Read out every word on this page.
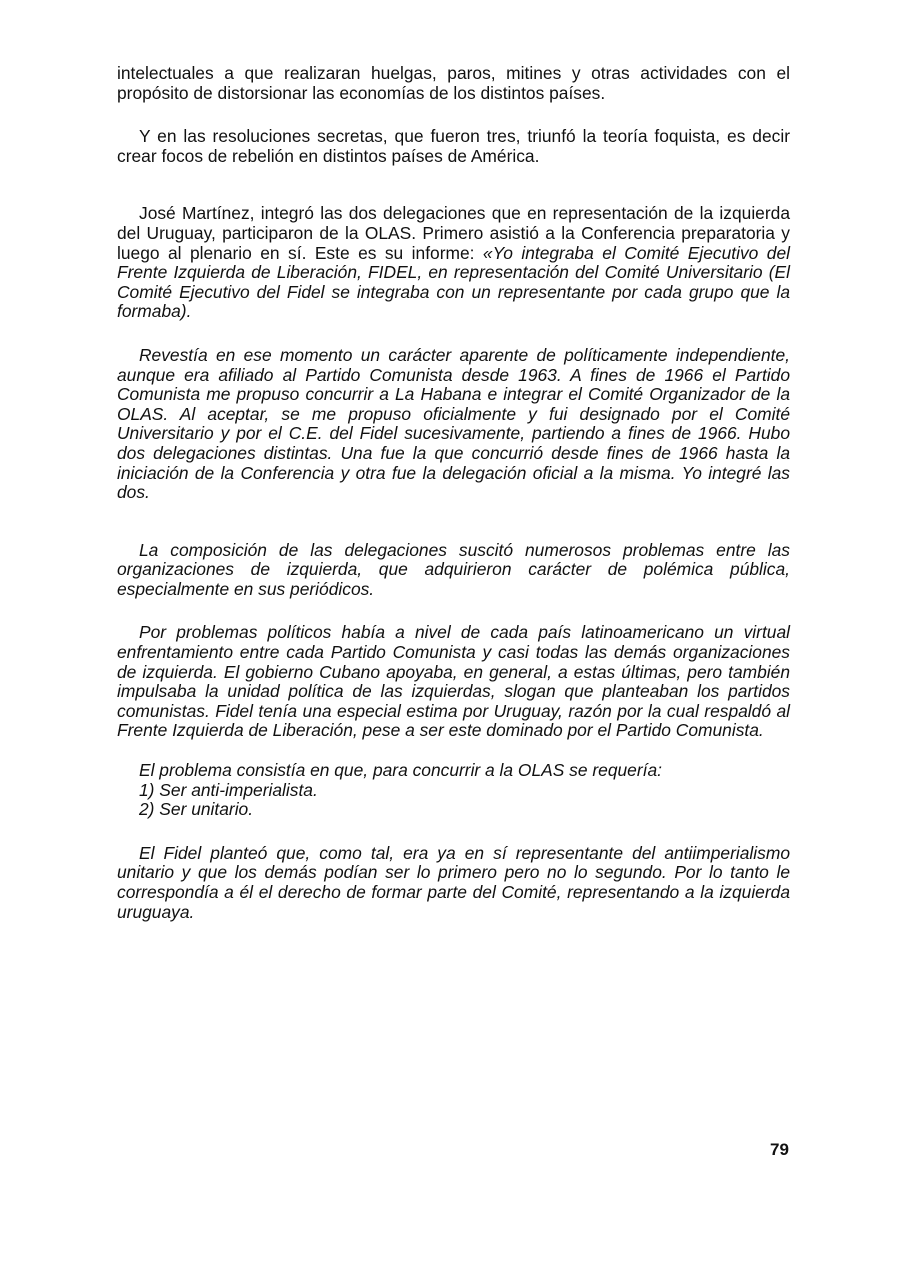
intelectuales a que realizaran huelgas, paros, mitines y otras actividades con el propósito de distorsionar las economías de los distintos países.

Y en las resoluciones secretas, que fueron tres, triunfó la teoría foquista, es decir crear focos de rebelión en distintos países de América.

José Martínez, integró las dos delegaciones que en representación de la izquierda del Uruguay, participaron de la OLAS. Primero asistió a la Conferencia preparatoria y luego al plenario en sí. Este es su informe: «Yo integraba el Comité Ejecutivo del Frente Izquierda de Liberación, FIDEL, en representación del Comité Universitario (El Comité Ejecutivo del Fidel se integraba con un representante por cada grupo que la formaba).

Revestía en ese momento un carácter aparente de políticamente independiente, aunque era afiliado al Partido Comunista desde 1963. A fines de 1966 el Partido Comunista me propuso concurrir a La Habana e integrar el Comité Organizador de la OLAS. Al aceptar, se me propuso oficialmente y fui designado por el Comité Universitario y por el C.E. del Fidel sucesivamente, partiendo a fines de 1966. Hubo dos delegaciones distintas. Una fue la que concurrió desde fines de 1966 hasta la iniciación de la Conferencia y otra fue la delegación oficial a la misma. Yo integré las dos.

La composición de las delegaciones suscitó numerosos problemas entre las organizaciones de izquierda, que adquirieron carácter de polémica pública, especialmente en sus periódicos.

Por problemas políticos había a nivel de cada país latinoamericano un virtual enfrentamiento entre cada Partido Comunista y casi todas las demás organizaciones de izquierda. El gobierno Cubano apoyaba, en general, a estas últimas, pero también impulsaba la unidad política de las izquierdas, slogan que planteaban los partidos comunistas. Fidel tenía una especial estima por Uruguay, razón por la cual respaldó al Frente Izquierda de Liberación, pese a ser este dominado por el Partido Comunista.

El problema consistía en que, para concurrir a la OLAS se requería:

1) Ser anti-imperialista.
2) Ser unitario.

El Fidel planteó que, como tal, era ya en sí representante del antiimperialismo unitario y que los demás podían ser lo primero pero no lo segundo. Por lo tanto le correspondía a él el derecho de formar parte del Comité, representando a la izquierda uruguaya.

79
